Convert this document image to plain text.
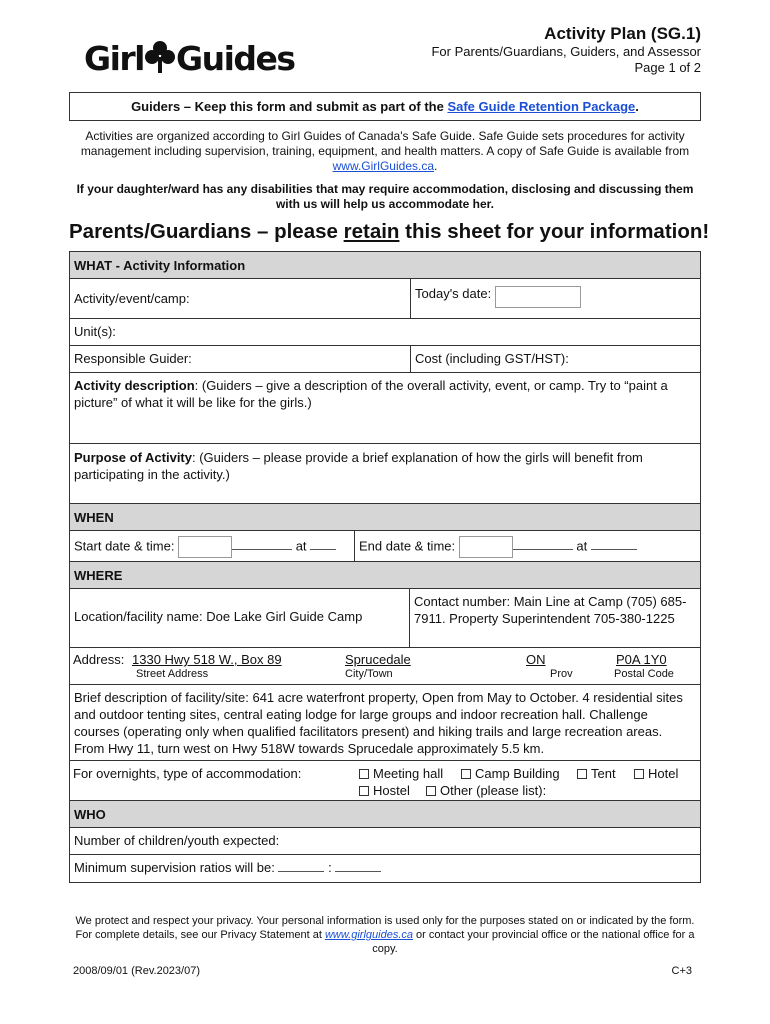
Girl Guides
Activity Plan (SG.1)
For Parents/Guardians, Guiders, and Assessor
Page 1 of 2
Guiders – Keep this form and submit as part of the Safe Guide Retention Package.
Activities are organized according to Girl Guides of Canada's Safe Guide. Safe Guide sets procedures for activity management including supervision, training, equipment, and health matters. A copy of Safe Guide is available from www.GirlGuides.ca.
If your daughter/ward has any disabilities that may require accommodation, disclosing and discussing them with us will help us accommodate her.
Parents/Guardians – please retain this sheet for your information!
WHAT - Activity Information
Activity/event/camp:	Today's date:
Unit(s):
Responsible Guider:	Cost (including GST/HST):
Activity description: (Guiders – give a description of the overall activity, event, or camp. Try to “paint a picture” of what it will be like for the girls.)
Purpose of Activity: (Guiders – please provide a brief explanation of how the girls will benefit from participating in the activity.)
WHEN
Start date & time:	at	End date & time:	at
WHERE
Location/facility name: Doe Lake Girl Guide Camp
Contact number: Main Line at Camp (705) 685-7911. Property Superintendent 705-380-1225
Address: 1330 Hwy 518 W., Box 89	Sprucedale	ON	P0A 1Y0
Street Address	City/Town	Prov	Postal Code
Brief description of facility/site: 641 acre waterfront property, Open from May to October. 4 residential sites and outdoor tenting sites, central eating lodge for large groups and indoor recreation hall. Challenge courses (operating only when qualified facilitators present) and hiking trails and large recreation areas. From Hwy 11, turn west on Hwy 518W towards Sprucedale approximately 5.5 km.
For overnights, type of accommodation:	Meeting hall	Camp Building	Tent	Hotel
Hostel	Other (please list):
WHO
Number of children/youth expected:
Minimum supervision ratios will be:	:
We protect and respect your privacy. Your personal information is used only for the purposes stated on or indicated by the form. For complete details, see our Privacy Statement at www.girlguides.ca or contact your provincial office or the national office for a copy.
2008/09/01 (Rev.2023/07)	C+3
